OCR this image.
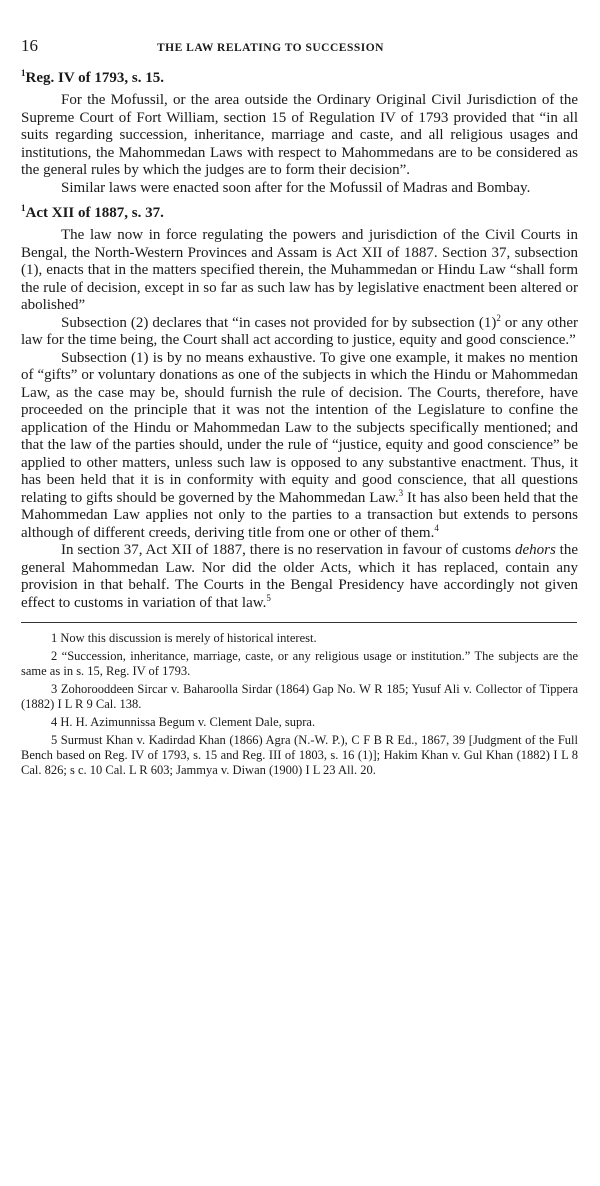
16	THE LAW RELATING TO SUCCESSION
$^1$Reg. IV of 1793, s. 15.

For the Mofussil, or the area outside the Ordinary Original Civil Jurisdiction of the Supreme Court of Fort William, section 15 of Regulation IV of 1793 provided that “in all suits regarding succession, inheritance, marriage and caste, and all religious usages and institutions, the Mahommedan Laws with respect to Mahommedans are to be considered as the general rules by which the judges are to form their decision”.

Similar laws were enacted soon after for the Mofussil of Madras and Bombay.

$^1$Act XII of 1887, s. 37.

The law now in force regulating the powers and jurisdiction of the Civil Courts in Bengal, the North-Western Provinces and Assam is Act XII of 1887. Section 37, subsection (1), enacts that in the matters specified therein, the Muhammedan or Hindu Law “shall form the rule of decision, except in so far as such law has by legislative enactment been altered or abolished”

Subsection (2) declares that “in cases not provided for by subsection $(1)^2$ or any other law for the time being, the Court shall act according to justice, equity and good conscience.”

Subsection (1) is by no means exhaustive. To give one example, it makes no mention of “gifts” or voluntary donations as one of the subjects in which the Hindu or Mahommedan Law, as the case may be, should furnish the rule of decision. The Courts, therefore, have proceeded on the principle that it was not the intention of the Legislature to confine the application of the Hindu or Mahommedan Law to the subjects specifically mentioned; and that the law of the parties should, under the rule of “justice, equity and good conscience” be applied to other matters, unless such law is opposed to any substantive enactment. Thus, it has been held that it is in conformity with equity and good conscience, that all questions relating to gifts should be governed by the Mahommedan Law.$^3$ It has also been held that the Mahommedan Law applies not only to the parties to a transaction but extends to persons although of different creeds, deriving title from one or other of them.$^4$

In section 37, Act XII of 1887, there is no reservation in favour of customs dehors the general Mahommedan Law. Nor did the older Acts, which it has replaced, contain any provision in that behalf. The Courts in the Bengal Presidency have accordingly not given effect to customs in variation of that law.$^5$

1 Now this discussion is merely of historical interest.

2 “Succession, inheritance, marriage, caste, or any religious usage or institution.” The subjects are the same as in s. 15, Reg. IV of 1793.

3 Zohorooddeen Sircar v. Baharoolla Sirdar (1864) Gap No. W R 185; Yusuf Ali v. Collector of Tippera (1882) I L R 9 Cal. 138.

4 H. H. Azimunnissa Begum v. Clement Dale, supra.

5 Surmust Khan v. Kadirdad Khan (1866) Agra (N.-W. P.), C F B R Ed., 1867, 39 [Judgment of the Full Bench based on Reg. IV of 1793, s. 15 and Reg. III of 1803, s. 16 (1)]; Hakim Khan v. Gul Khan (1882) I L 8 Cal. 826; s c. 10 Cal. L R 603; Jammya v. Diwan (1900) I L 23 All. 20.
